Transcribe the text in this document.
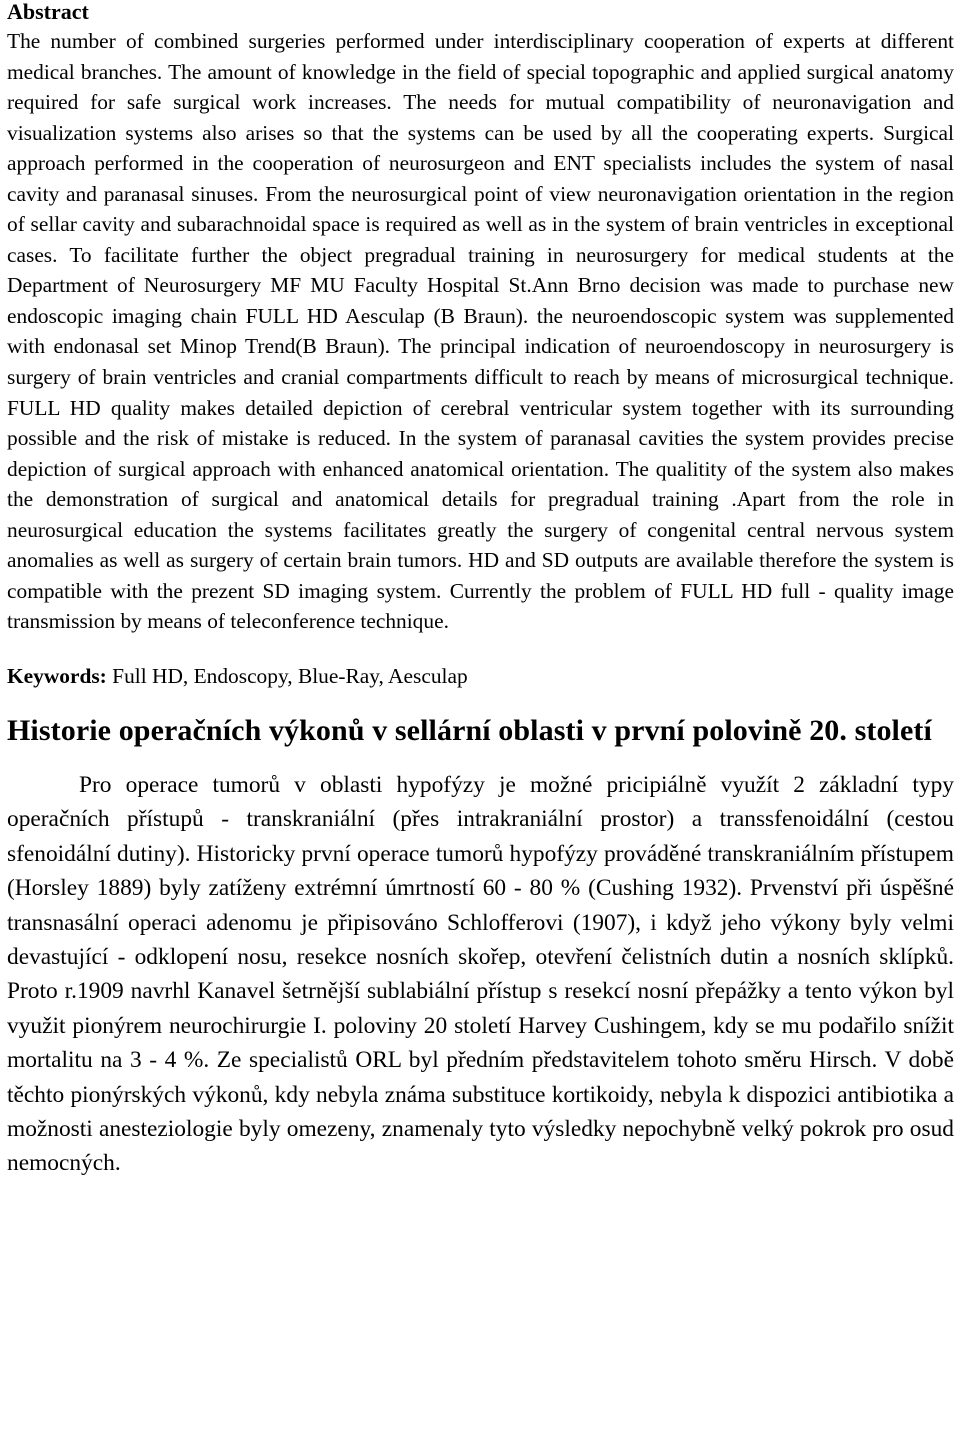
Abstract

The number of combined surgeries performed under interdisciplinary cooperation of experts at different medical branches. The amount of knowledge in the field of special topographic and applied surgical anatomy required for safe surgical work increases. The needs for mutual compatibility of neuronavigation and visualization systems also arises so that the systems can be used by all the cooperating experts. Surgical approach performed in the cooperation of neurosurgeon and ENT specialists includes the system of nasal cavity and paranasal sinuses. From the neurosurgical point of view neuronavigation orientation in the region of sellar cavity and subarachnoidal space is required as well as in the system of brain ventricles in exceptional cases. To facilitate further the object pregradual training in neurosurgery for medical students at the Department of Neurosurgery MF MU Faculty Hospital St.Ann Brno decision was made to purchase new endoscopic imaging chain FULL HD Aesculap (B Braun). the neuroendoscopic system was supplemented with endonasal set Minop Trend(B Braun). The principal indication of neuroendoscopy in neurosurgery is surgery of brain ventricles and cranial compartments difficult to reach by means of microsurgical technique. FULL HD quality makes detailed depiction of cerebral ventricular system together with its surrounding possible and the risk of mistake is reduced. In the system of paranasal cavities the system provides precise depiction of surgical approach with enhanced anatomical orientation. The qualitity of the system also makes the demonstration of surgical and anatomical details for pregradual training .Apart from the role in neurosurgical education the systems facilitates greatly the surgery of congenital central nervous system anomalies as well as surgery of certain brain tumors. HD and SD outputs are available therefore the system is compatible with the prezent SD imaging system. Currently the problem of FULL HD full - quality image transmission by means of teleconference technique.

Keywords: Full HD, Endoscopy, Blue-Ray, Aesculap

Historie operačních výkonů v sellární oblasti v první polovině 20. století

Pro operace tumorů v oblasti hypofýzy je možné pricipiálně využít 2 základní typy operačních přístupů - transkraniální (přes intrakraniální prostor) a transsfenoidální (cestou sfenoidální dutiny). Historicky první operace tumorů hypofýzy prováděné transkraniálním přístupem (Horsley 1889) byly zatíženy extrémní úmrtností 60 - 80 % (Cushing 1932). Prvenství při úspěšné transnasální operaci adenomu je připisováno Schlofferovi (1907), i když jeho výkony byly velmi devastující - odklopení nosu, resekce nosních skořep, otevření čelistních dutin a nosních sklípků. Proto r.1909 navrhl Kanavel šetrnější sublabiální přístup s resekcí nosní přepážky a tento výkon byl využit pionýrem neurochirurgie I. poloviny 20 století Harvey Cushingem, kdy se mu podařilo snížit mortalitu na 3 - 4 %. Ze specialistů ORL byl předním představitelem tohoto směru Hirsch. V době těchto pionýrských výkonů, kdy nebyla známa substituce kortikoidy, nebyla k dispozici antibiotika a možnosti anesteziologie byly omezeny, znamenaly tyto výsledky nepochybně velký pokrok pro osud nemocných.
